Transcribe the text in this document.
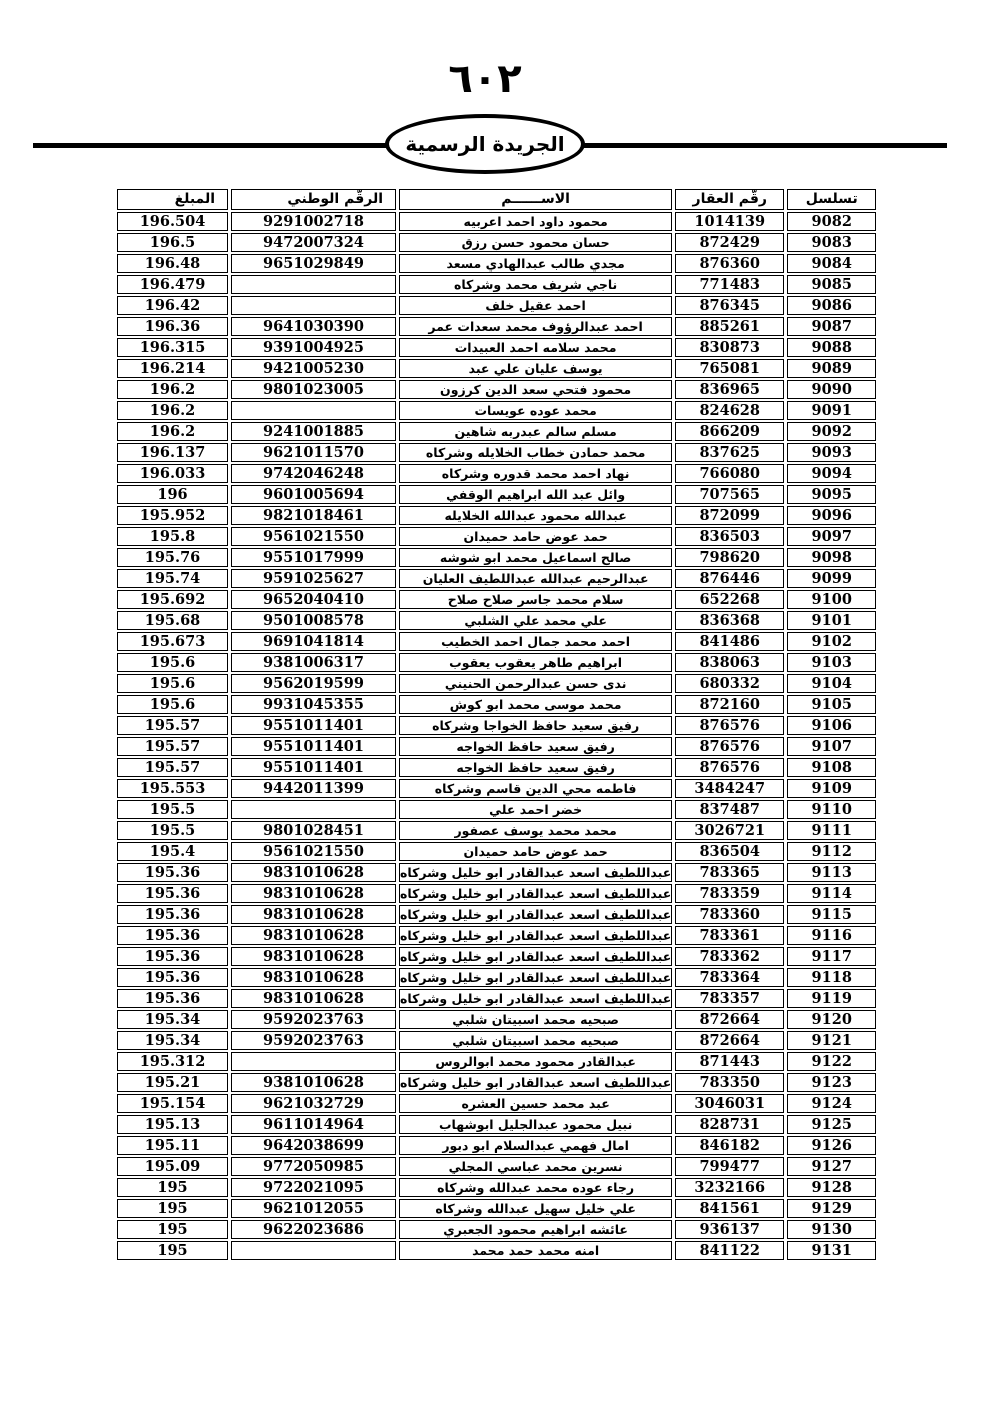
٦٠٢
الجريدة الرسمية
تسلسل	رقّم العقار	الاســــــم	الرقّم الوطني	المبلغ
9082	1014139	محمود داود احمد اعربيه	9291002718	196.504
9083	872429	حسان محمود حسن رزق	9472007324	196.5
9084	876360	مجدي طالب عبدالهادي مسعد	9651029849	196.48
9085	771483	ناجي شريف محمد وشركاه		196.479
9086	876345	احمد عقيل خلف		196.42
9087	885261	احمد عبدالرؤوف محمد سعدات عمر	9641030390	196.36
9088	830873	محمد سلامه احمد العبيدات	9391004925	196.315
9089	765081	يوسف عليان علي عبد	9421005230	196.214
9090	836965	محمود فتحي سعد الدين كرزون	9801023005	196.2
9091	824628	محمد عوده عويسات		196.2
9092	866209	مسلم سالم عبدربه شاهين	9241001885	196.2
9093	837625	محمد حمادن خطاب الخلايله وشركاه	9621011570	196.137
9094	766080	نهاد احمد محمد قدوره وشركاه	9742046248	196.033
9095	707565	وائل عبد الله ابراهيم الوقفي	9601005694	196
9096	872099	عبدالله محمود عبدالله الخلايله	9821018461	195.952
9097	836503	حمد عوض حامد حميدان	9561021550	195.8
9098	798620	صالح اسماعيل محمد ابو شوشه	9551017999	195.76
9099	876446	عبدالرحيم عبدالله عبداللطيف العليان	9591025627	195.74
9100	652268	سلام محمد جاسر صلاح صلاح	9652040410	195.692
9101	836368	علي محمد علي الشلبي	9501008578	195.68
9102	841486	احمد محمد جمال احمد الخطيب	9691041814	195.673
9103	838063	ابراهيم طاهر يعقوب يعقوب	9381006317	195.6
9104	680332	ندى حسن عبدالرحمن الحنيني	9562019599	195.6
9105	872160	محمد موسى محمد ابو كوش	9931045355	195.6
9106	876576	رفيق سعيد حافظ الخواجا وشركاه	9551011401	195.57
9107	876576	رفيق سعيد حافظ الخواجه	9551011401	195.57
9108	876576	رفيق سعيد حافظ الخواجه	9551011401	195.57
9109	3484247	فاطمه محي الدين قاسم وشركاه	9442011399	195.553
9110	837487	خضر احمد علي		195.5
9111	3026721	محمد محمد يوسف عصفور	9801028451	195.5
9112	836504	حمد عوض حامد حميدان	9561021550	195.4
9113	783365	عبداللطيف اسعد عبدالقادر ابو خليل وشركاه	9831010628	195.36
9114	783359	عبداللطيف اسعد عبدالقادر ابو خليل وشركاه	9831010628	195.36
9115	783360	عبداللطيف اسعد عبدالقادر ابو خليل وشركاه	9831010628	195.36
9116	783361	عبداللطيف اسعد عبدالقادر ابو خليل وشركاه	9831010628	195.36
9117	783362	عبداللطيف اسعد عبدالقادر ابو خليل وشركاه	9831010628	195.36
9118	783364	عبداللطيف اسعد عبدالقادر ابو خليل وشركاه	9831010628	195.36
9119	783357	عبداللطيف اسعد عبدالقادر ابو خليل وشركاه	9831010628	195.36
9120	872664	صبحيه محمد اسبيتان شلبي	9592023763	195.34
9121	872664	صبحيه محمد اسبيتان شلبي	9592023763	195.34
9122	871443	عبدالقادر محمود محمد ابوالروس		195.312
9123	783350	عبداللطيف اسعد عبدالقادر ابو خليل وشركاه	9381010628	195.21
9124	3046031	عبد محمد حسين العشره	9621032729	195.154
9125	828731	نبيل محمود عبدالجليل ابوشهاب	9611014964	195.13
9126	846182	امال فهمي عبدالسلام ابو دبور	9642038699	195.11
9127	799477	نسرين محمد عباسي المجلي	9772050985	195.09
9128	3232166	رجاء عوده محمد عبدالله وشركاه	9722021095	195
9129	841561	علي خليل سهيل عبدالله وشركاه	9621012055	195
9130	936137	عائشه ابراهيم محمود الجعبري	9622023686	195
9131	841122	امنه محمد حمد محمد		195
